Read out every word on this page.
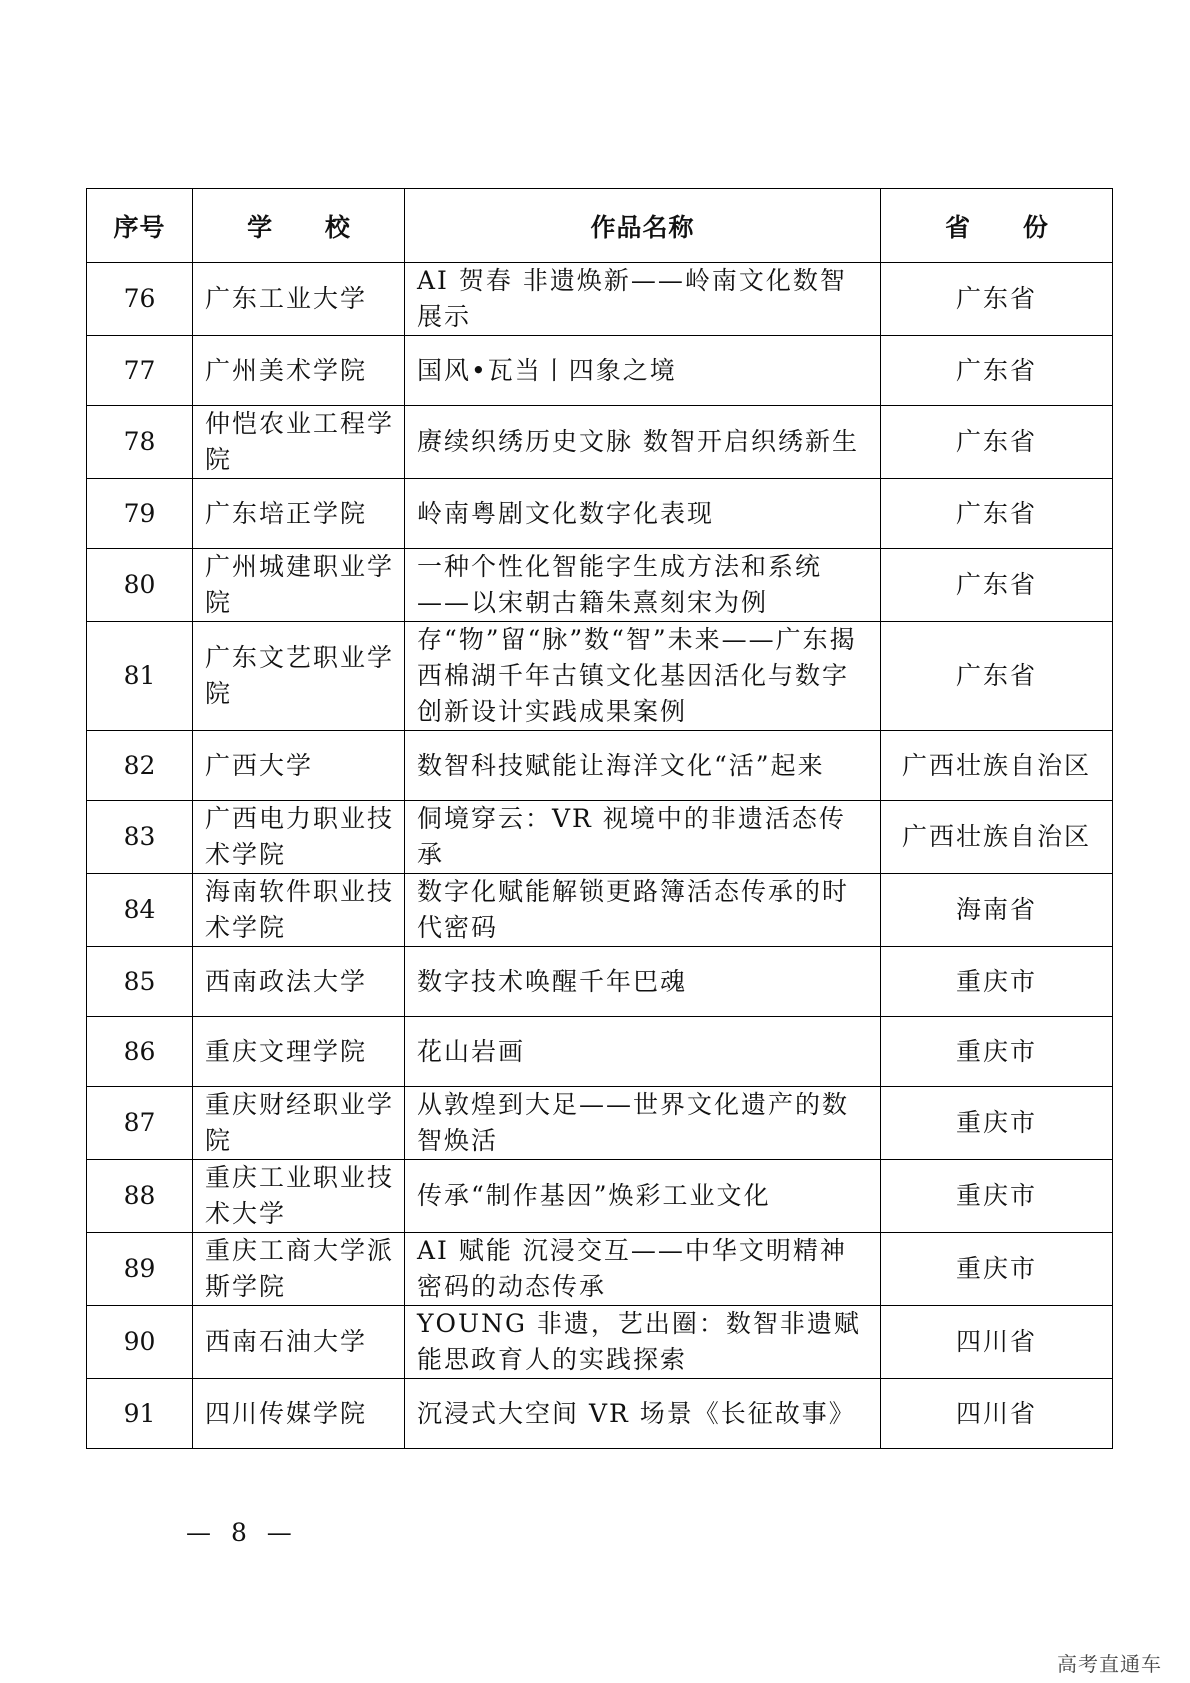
序号	学 校	作品名称	省 份
76	广东工业大学	AI 贺春 非遗焕新——岭南文化数智展示	广东省
77	广州美术学院	国风•瓦当丨四象之境	广东省
78	仲恺农业工程学院	赓续织绣历史文脉 数智开启织绣新生	广东省
79	广东培正学院	岭南粤剧文化数字化表现	广东省
80	广州城建职业学院	一种个性化智能字生成方法和系统——以宋朝古籍朱熹刻宋为例	广东省
81	广东文艺职业学院	存“物”留“脉”数“智”未来——广东揭西棉湖千年古镇文化基因活化与数字创新设计实践成果案例	广东省
82	广西大学	数智科技赋能让海洋文化“活”起来	广西壮族自治区
83	广西电力职业技术学院	侗境穿云：VR 视境中的非遗活态传承	广西壮族自治区
84	海南软件职业技术学院	数字化赋能解锁更路簿活态传承的时代密码	海南省
85	西南政法大学	数字技术唤醒千年巴魂	重庆市
86	重庆文理学院	花山岩画	重庆市
87	重庆财经职业学院	从敦煌到大足——世界文化遗产的数智焕活	重庆市
88	重庆工业职业技术大学	传承“制作基因”焕彩工业文化	重庆市
89	重庆工商大学派斯学院	AI 赋能 沉浸交互——中华文明精神密码的动态传承	重庆市
90	西南石油大学	YOUNG 非遗，艺出圈：数智非遗赋能思政育人的实践探索	四川省
91	四川传媒学院	沉浸式大空间 VR 场景《长征故事》	四川省
— 8 —
高考直通车
